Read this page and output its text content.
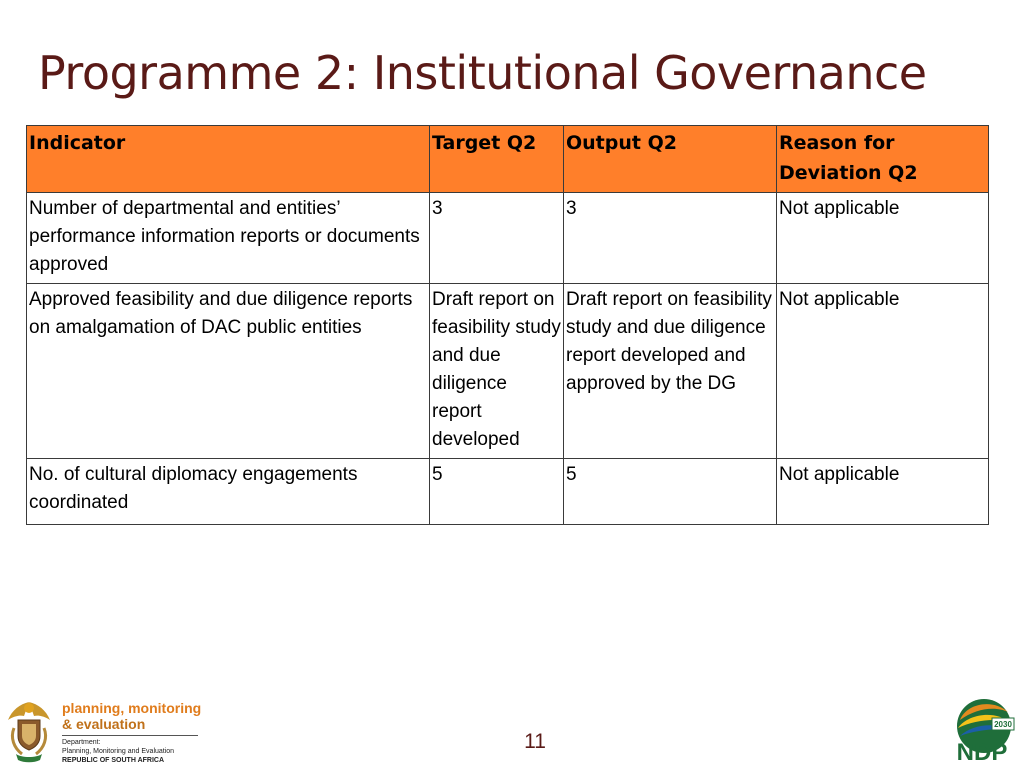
Programme 2: Institutional Governance
Indicator	Target Q2	Output Q2	Reason for Deviation Q2
Number of departmental and entities’ performance information reports or documents approved	3	3	Not applicable
Approved feasibility and due diligence reports on amalgamation of DAC public entities	Draft report on feasibility study and due diligence report developed	Draft report on feasibility study and due diligence report developed and approved by the DG	Not applicable
No. of cultural diplomacy engagements coordinated	5	5	Not applicable
11
planning, monitoring
& evaluation
Department:
Planning, Monitoring and Evaluation
REPUBLIC OF SOUTH AFRICA
2030
NDP
